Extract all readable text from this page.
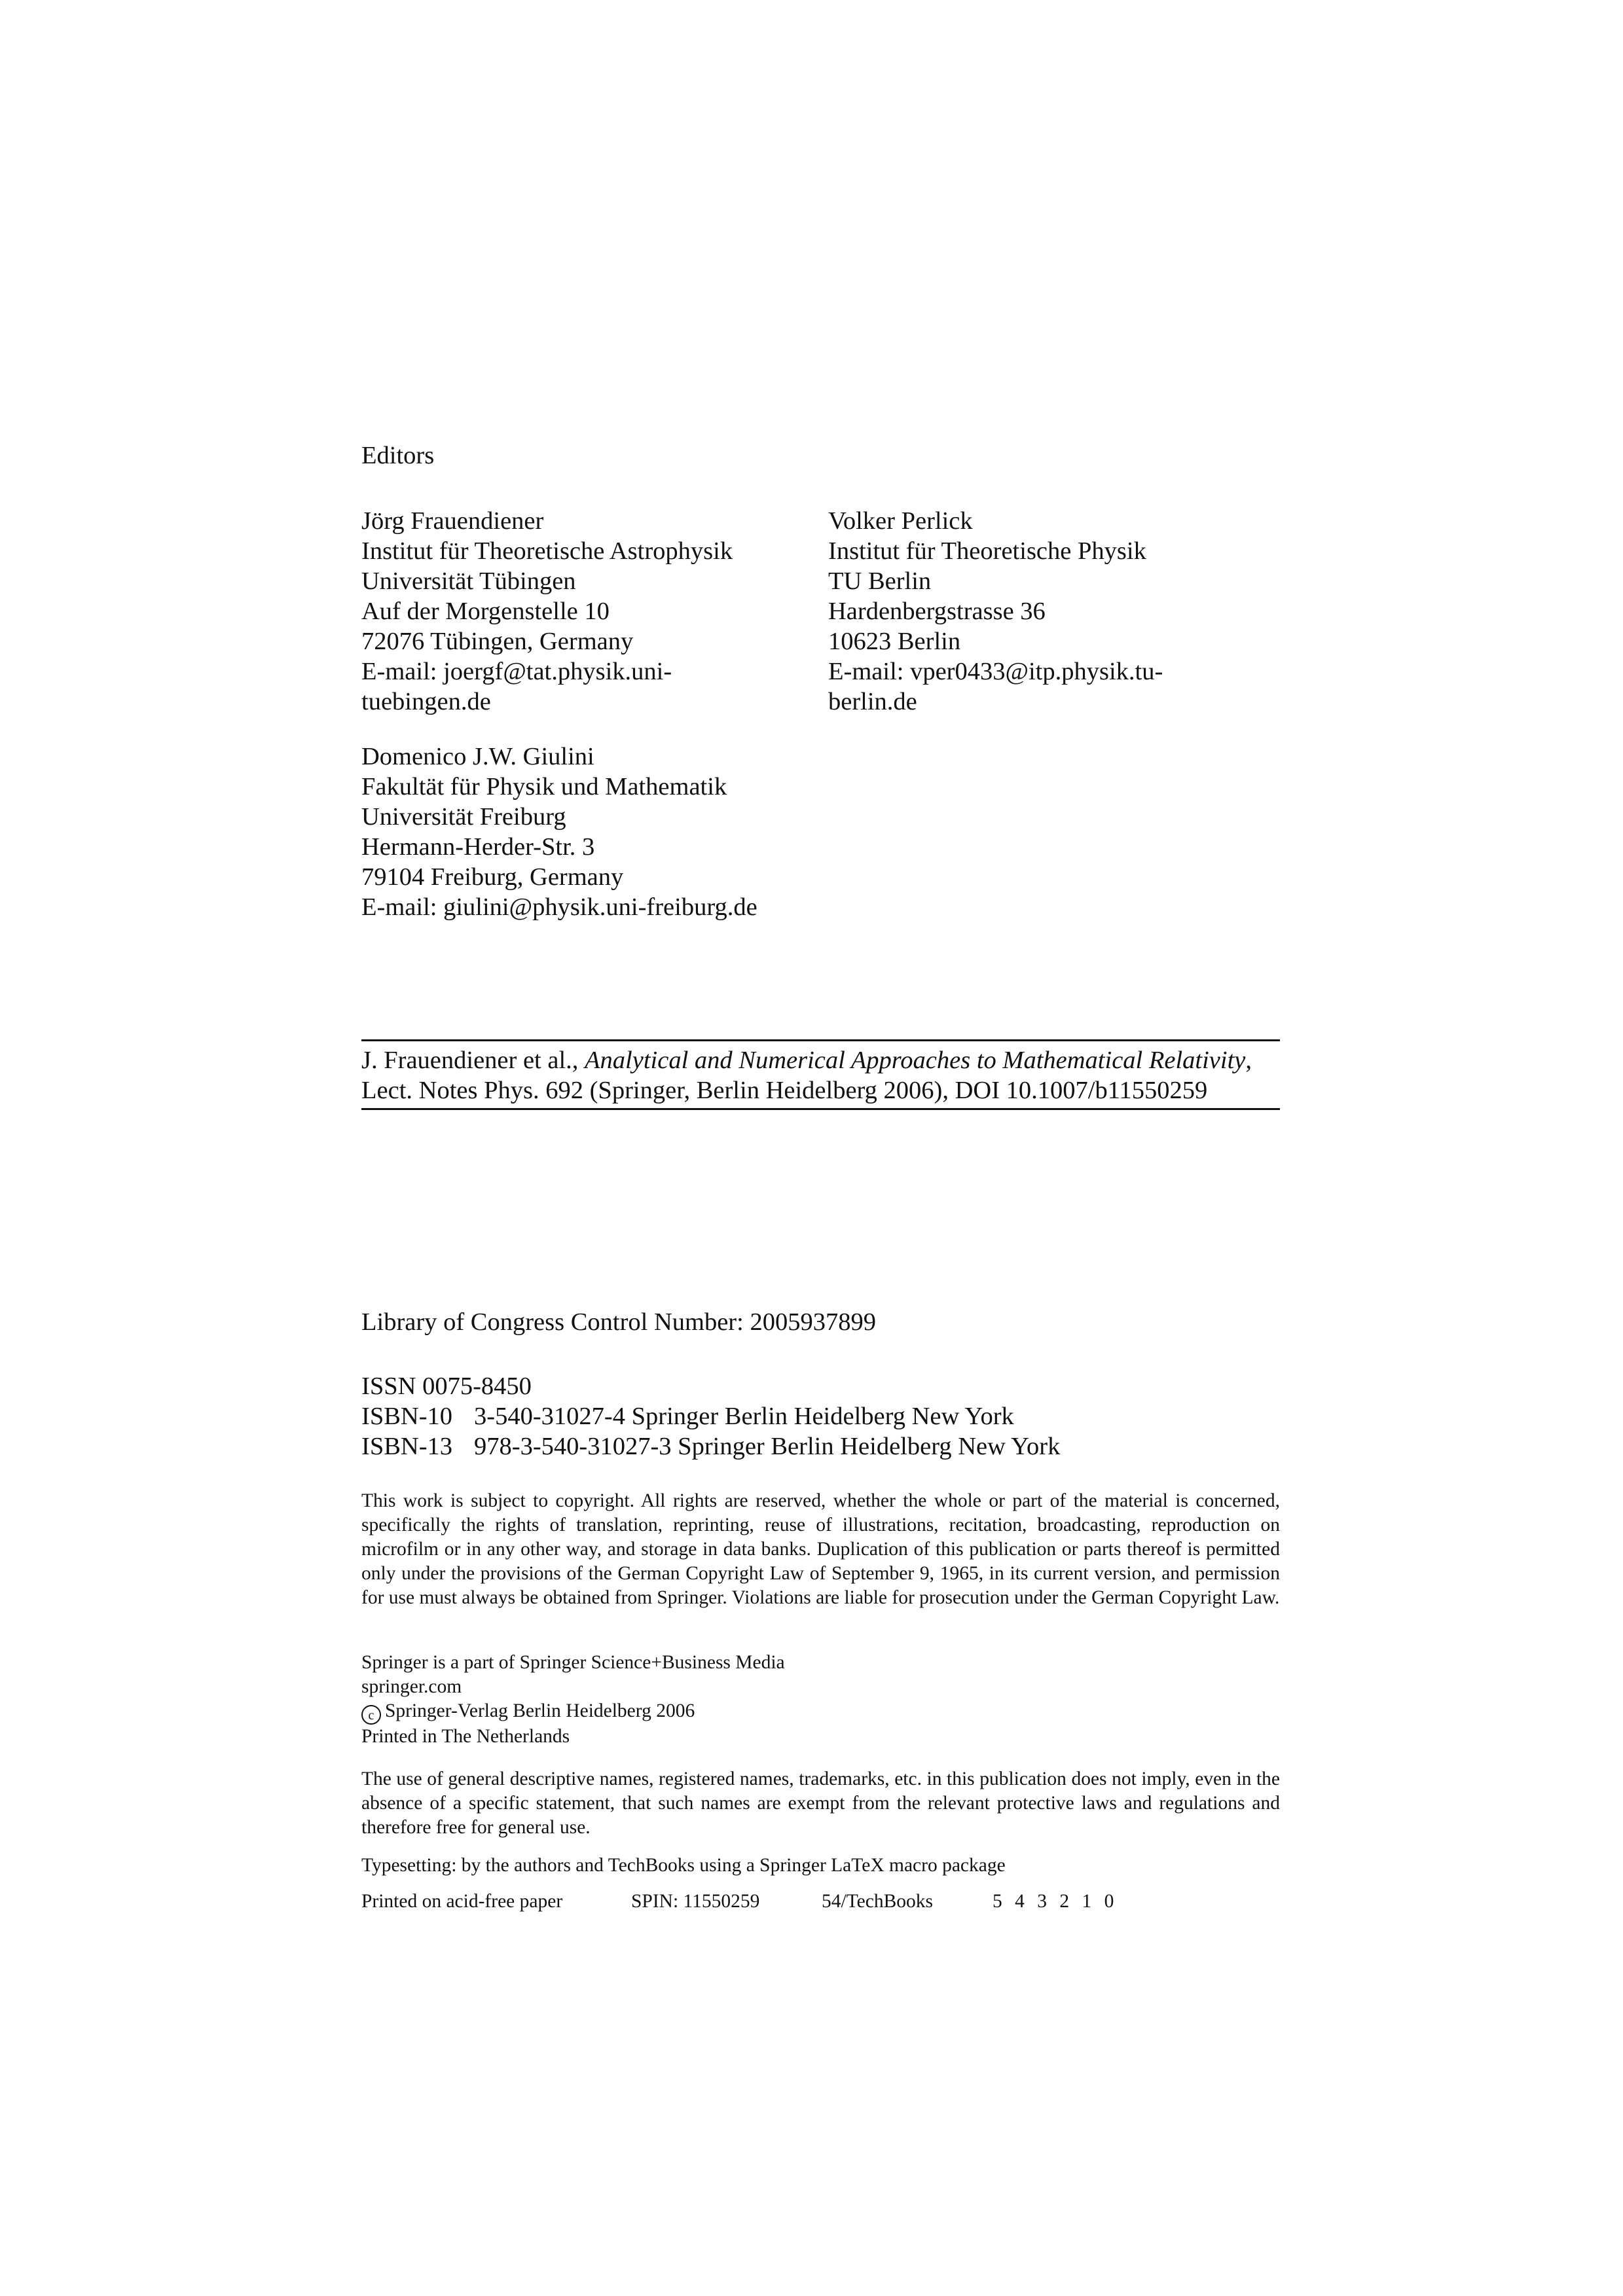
Editors
Jörg Frauendiener
Institut für Theoretische Astrophysik
Universität Tübingen
Auf der Morgenstelle 10
72076 Tübingen, Germany
E-mail: joergf@tat.physik.uni-
tuebingen.de
Volker Perlick
Institut für Theoretische Physik
TU Berlin
Hardenbergstrasse 36
10623 Berlin
E-mail: vper0433@itp.physik.tu-
berlin.de
Domenico J.W. Giulini
Fakultät für Physik und Mathematik
Universität Freiburg
Hermann-Herder-Str. 3
79104 Freiburg, Germany
E-mail: giulini@physik.uni-freiburg.de
J. Frauendiener et al., Analytical and Numerical Approaches to Mathematical Relativity,
Lect. Notes Phys. 692 (Springer, Berlin Heidelberg 2006), DOI 10.1007/b11550259
Library of Congress Control Number: 2005937899
ISSN 0075-8450
ISBN-10 3-540-31027-4 Springer Berlin Heidelberg New York
ISBN-13 978-3-540-31027-3 Springer Berlin Heidelberg New York
This work is subject to copyright. All rights are reserved, whether the whole or part of the material is concerned, specifically the rights of translation, reprinting, reuse of illustrations, recitation, broadcasting, reproduction on microfilm or in any other way, and storage in data banks. Duplication of this publication or parts thereof is permitted only under the provisions of the German Copyright Law of September 9, 1965, in its current version, and permission for use must always be obtained from Springer. Violations are liable for prosecution under the German Copyright Law.
Springer is a part of Springer Science+Business Media
springer.com
c Springer-Verlag Berlin Heidelberg 2006
Printed in The Netherlands
The use of general descriptive names, registered names, trademarks, etc. in this publication does not imply, even in the absence of a specific statement, that such names are exempt from the relevant protective laws and regulations and therefore free for general use.
Typesetting: by the authors and TechBooks using a Springer LaTeX macro package
Printed on acid-free paper	SPIN: 11550259	54/TechBooks	5 4 3 2 1 0
